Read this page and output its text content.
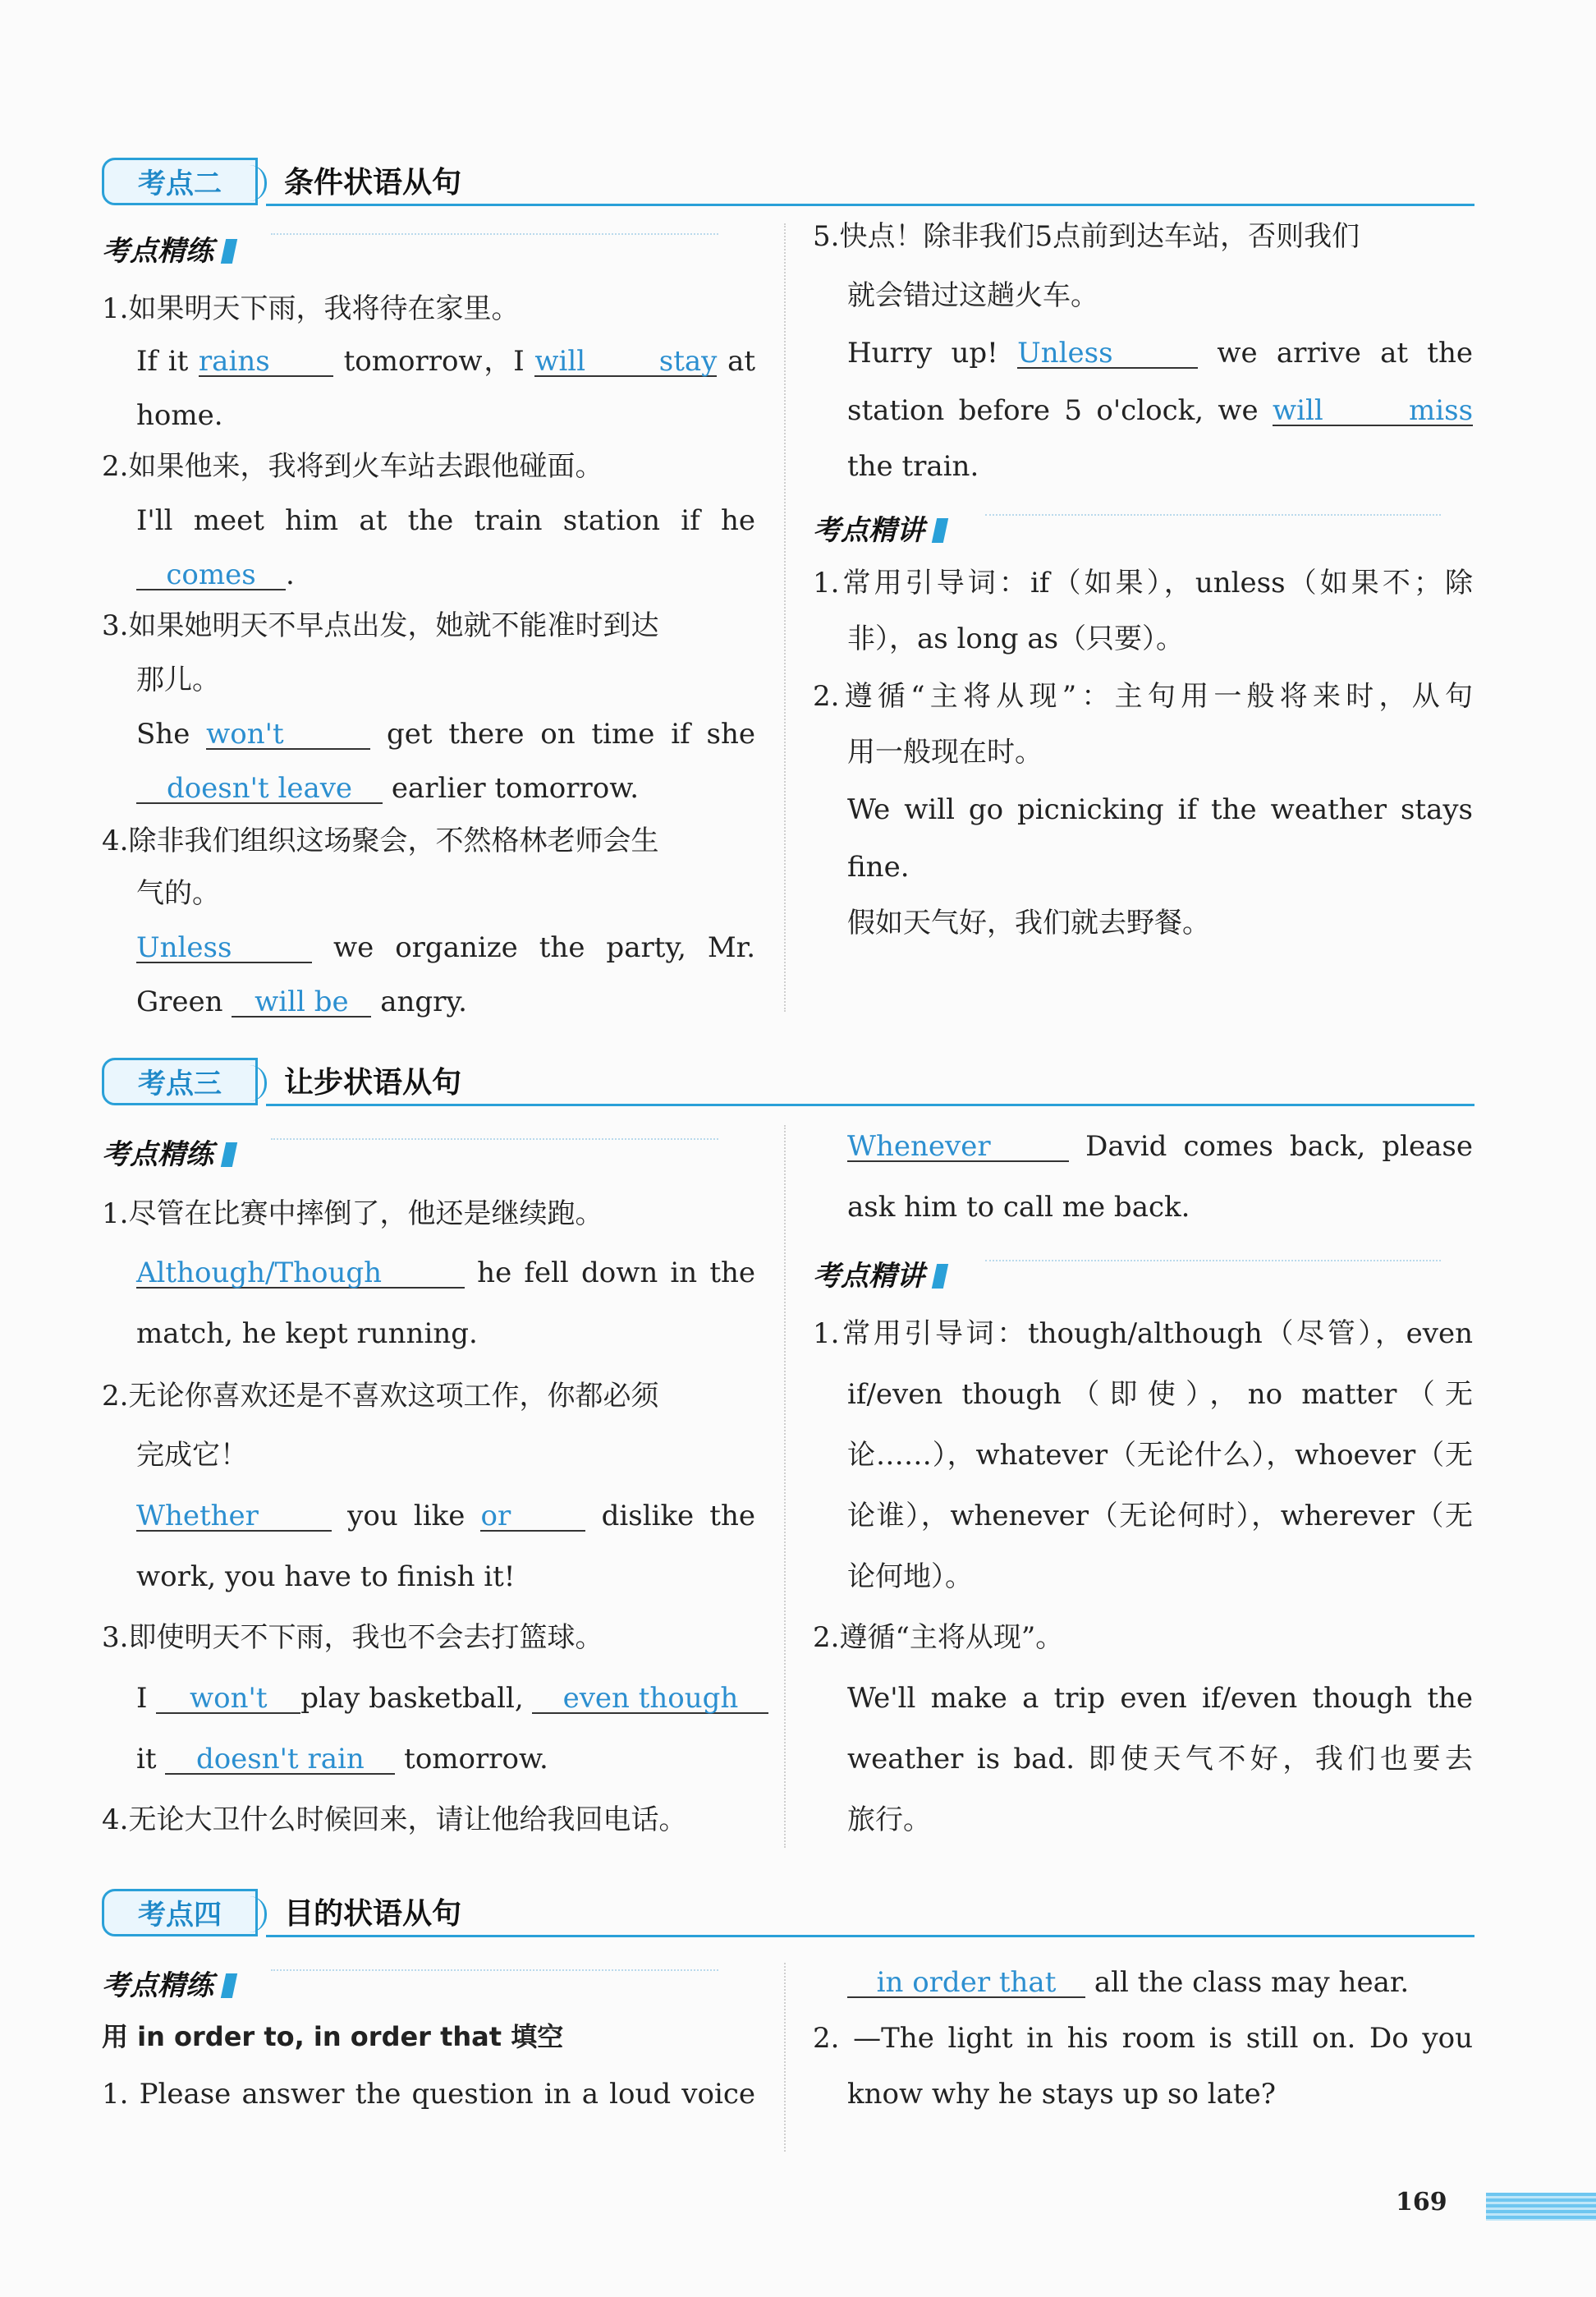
考点二	条件状语从句
考点精练
1.如果明天下雨，我将待在家里。
If it rains	tomorrow，I will stay at
home.
2.如果他来，我将到火车站去跟他碰面。
I'll meet him at the train station if he
comes .
3.如果她明天不早点出发，她就不能准时到达
那儿。
She won't	get there on time if she
doesn't leave earlier tomorrow.
4.除非我们组织这场聚会，不然格林老师会生
气的。
Unless	we organize the party, Mr.
Green will be angry.
5.快点！除非我们5点前到达车站，否则我们
就会错过这趟火车。
Hurry up! Unless	we arrive at the
station before 5 o'clock, we will miss
the train.
考点精讲
1.常用引导词：if（如果），unless（如果不；除
非），as long as（只要）。
2.遵循“主将从现”：主句用一般将来时，从句
用一般现在时。
We will go picnicking if the weather stays
fine.
假如天气好，我们就去野餐。
考点三	让步状语从句
考点精练
1.尽管在比赛中摔倒了，他还是继续跑。
Although/Though	he fell down in the
match, he kept running.
2.无论你喜欢还是不喜欢这项工作，你都必须
完成它！
Whether	you like or	dislike the
work, you have to finish it!
3.即使明天不下雨，我也不会去打篮球。
I won't play basketball, even though
it doesn't rain tomorrow.
4.无论大卫什么时候回来，请让他给我回电话。
Whenever	David comes back, please
ask him to call me back.
考点精讲
1.常用引导词：though/although（尽管），even
if/even though（即使），no matter（无
论……），whatever（无论什么），whoever（无
论谁），whenever（无论何时），wherever（无
论何地）。
2.遵循“主将从现”。
We'll make a trip even if/even though the
weather is bad. 即使天气不好，我们也要去
旅行。
考点四	目的状语从句
考点精练
用 in order to, in order that 填空
1. Please answer the question in a loud voice
in order that all the class may hear.
2. —The light in his room is still on. Do you
know why he stays up so late?
169
